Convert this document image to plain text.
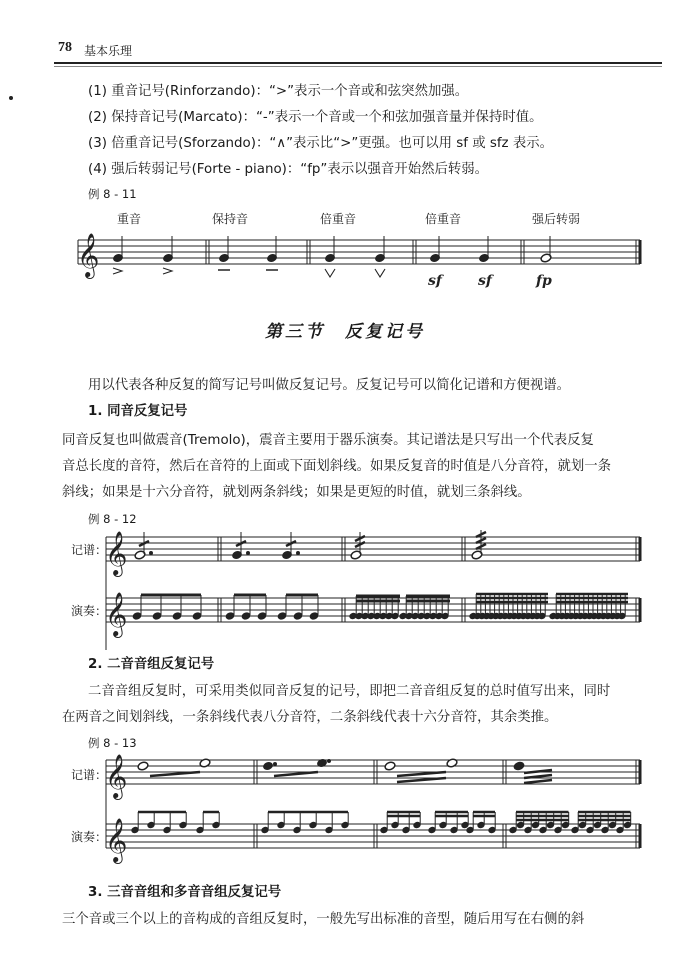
78 基本乐理
(1) 重音记号(Rinforzando)：“>”表示一个音或和弦突然加强。
(2) 保持音记号(Marcato)：“-”表示一个音或一个和弦加强音量并保持时值。
(3) 倍重音记号(Sforzando)：“∧”表示比“>”更强。也可以用 sf 或 sfz 表示。
(4) 强后转弱记号(Forte - piano)：“fp”表示以强音开始然后转弱。
例 8 - 11
重音	保持音	倍重音	倍重音	强后转弱
𝄞
sf	sf	fp
𝄞
𝄞
𝄞
𝄞
第三节　反复记号
用以代表各种反复的简写记号叫做反复记号。反复记号可以简化记谱和方便视谱。
1. 同音反复记号
同音反复也叫做震音(Tremolo)，震音主要用于器乐演奏。其记谱法是只写出一个代表反复
音总长度的音符，然后在音符的上面或下面划斜线。如果反复音的时值是八分音符，就划一条
斜线；如果是十六分音符，就划两条斜线；如果是更短的时值，就划三条斜线。
例 8 - 12
记谱：
演奏：
2. 二音音组反复记号
二音音组反复时，可采用类似同音反复的记号，即把二音音组反复的总时值写出来，同时
在两音之间划斜线，一条斜线代表八分音符，二条斜线代表十六分音符，其余类推。
例 8 - 13
记谱：
演奏：
3. 三音音组和多音音组反复记号
三个音或三个以上的音构成的音组反复时，一般先写出标准的音型，随后用写在右侧的斜
